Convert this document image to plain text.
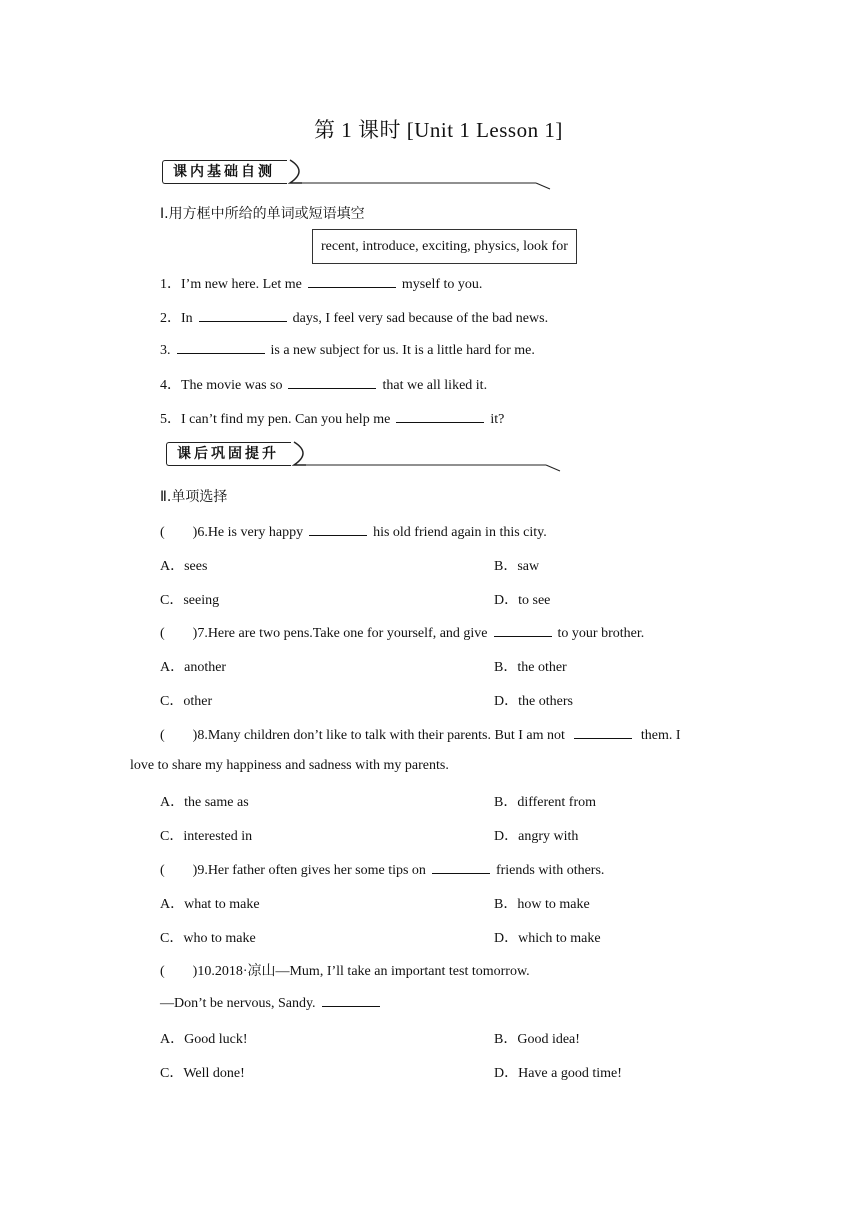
第 1 课时 [Unit 1 Lesson 1]
课内基础自测
Ⅰ.用方框中所给的单词或短语填空
recent, introduce, exciting, physics, look for
1．I’m new here. Let me	myself to you.
2．In	days, I feel very sad because of the bad news.
3.	is a new subject for us. It is a little hard for me.
4．The movie was so	that we all liked it.
5．I can’t find my pen. Can you help me	it?
课后巩固提升
Ⅱ.单项选择
(　　)6.He is very happy	his old friend again in this city.
A．sees	B．saw
C．seeing	D．to see
(　　)7.Here are two pens.Take one for yourself, and give	to your brother.
A．another	B．the other
C．other	D．the others
(　　)8.Many children don’t like to talk with their parents. But I am not	them. I
love to share my happiness and sadness with my parents.
A．the same as	B．different from
C．interested in	D．angry with
(　　)9.Her father often gives her some tips on	friends with others.
A．what to make	B．how to make
C．who to make	D．which to make
(　　)10.2018·凉山—Mum, I’ll take an important test tomorrow.
—Don’t be nervous, Sandy.
A．Good luck!	B．Good idea!
C．Well done!	D．Have a good time!
